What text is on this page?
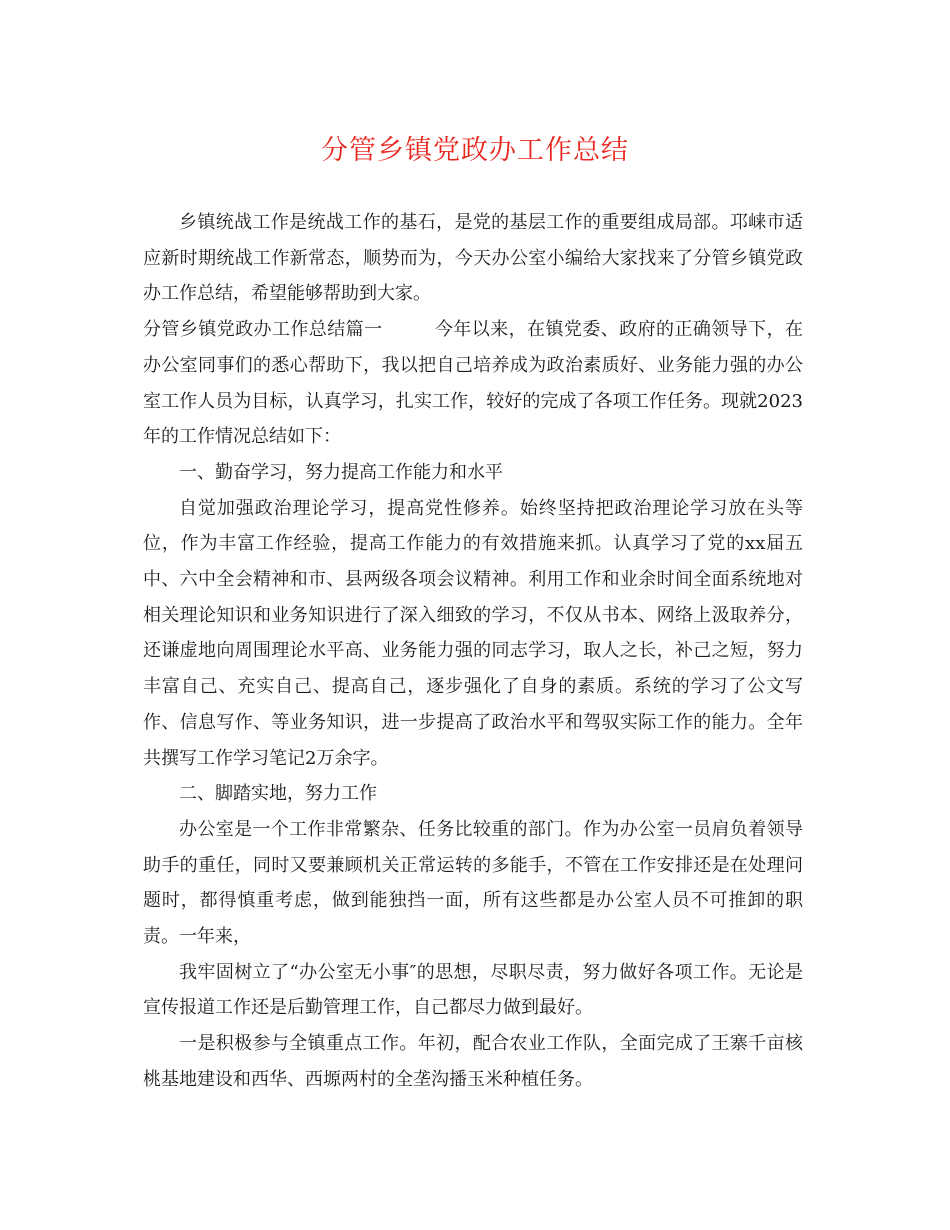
分管乡镇党政办工作总结

乡镇统战工作是统战工作的基石，是党的基层工作的重要组成局部。邛崃市适应新时期统战工作新常态，顺势而为，今天办公室小编给大家找来了分管乡镇党政办工作总结，希望能够帮助到大家。

分管乡镇党政办工作总结篇一	今年以来，在镇党委、政府的正确领导下，在办公室同事们的悉心帮助下，我以把自己培养成为政治素质好、业务能力强的办公室工作人员为目标，认真学习，扎实工作，较好的完成了各项工作任务。现就2023年的工作情况总结如下：

一、勤奋学习，努力提高工作能力和水平

自觉加强政治理论学习，提高党性修养。始终坚持把政治理论学习放在头等位，作为丰富工作经验，提高工作能力的有效措施来抓。认真学习了党的xx届五中、六中全会精神和市、县两级各项会议精神。利用工作和业余时间全面系统地对相关理论知识和业务知识进行了深入细致的学习，不仅从书本、网络上汲取养分，还谦虚地向周围理论水平高、业务能力强的同志学习，取人之长，补己之短，努力丰富自己、充实自己、提高自己，逐步强化了自身的素质。系统的学习了公文写作、信息写作、等业务知识，进一步提高了政治水平和驾驭实际工作的能力。全年共撰写工作学习笔记2万余字。

二、脚踏实地，努力工作

办公室是一个工作非常繁杂、任务比较重的部门。作为办公室一员肩负着领导助手的重任，同时又要兼顾机关正常运转的多能手，不管在工作安排还是在处理问题时，都得慎重考虑，做到能独挡一面，所有这些都是办公室人员不可推卸的职责。一年来，

我牢固树立了“办公室无小事″的思想，尽职尽责，努力做好各项工作。无论是宣传报道工作还是后勤管理工作，自己都尽力做到最好。

一是积极参与全镇重点工作。年初，配合农业工作队，全面完成了王寨千亩核桃基地建设和西华、西塬两村的全垄沟播玉米种植任务。
